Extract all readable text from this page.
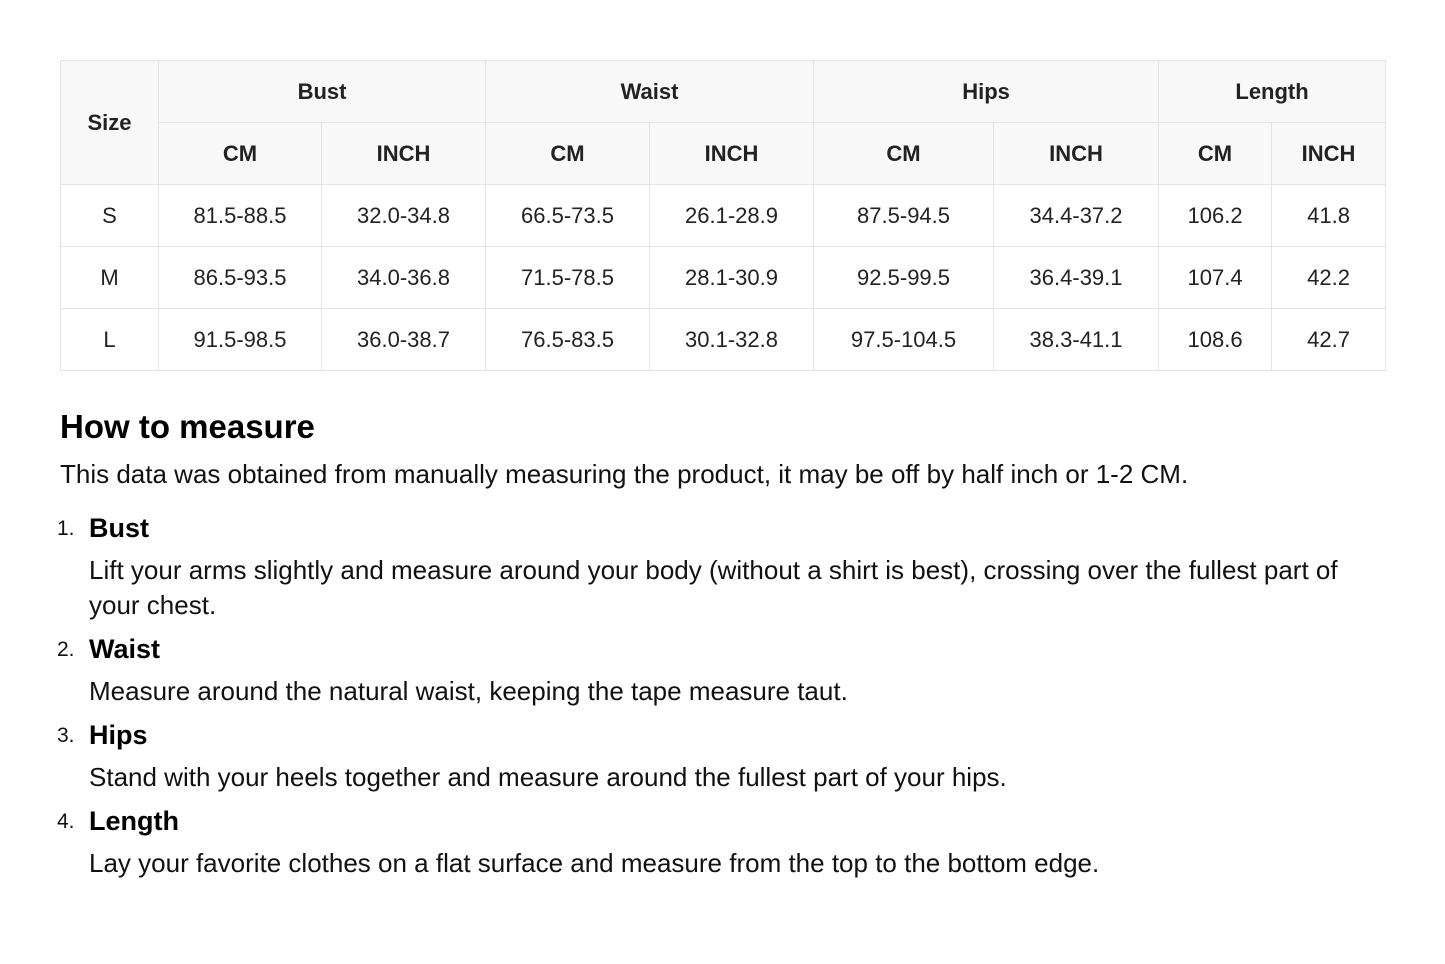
Size	Bust		Waist		Hips		Length	
	CM	INCH	CM	INCH	CM	INCH	CM	INCH
S	81.5-88.5	32.0-34.8	66.5-73.5	26.1-28.9	87.5-94.5	34.4-37.2	106.2	41.8
M	86.5-93.5	34.0-36.8	71.5-78.5	28.1-30.9	92.5-99.5	36.4-39.1	107.4	42.2
L	91.5-98.5	36.0-38.7	76.5-83.5	30.1-32.8	97.5-104.5	38.3-41.1	108.6	42.7
How to measure

This data was obtained from manually measuring the product, it may be off by half inch or 1-2 CM.

1. Bust
Lift your arms slightly and measure around your body (without a shirt is best), crossing over the fullest part of your chest.
2. Waist
Measure around the natural waist, keeping the tape measure taut.
3. Hips
Stand with your heels together and measure around the fullest part of your hips.
4. Length
Lay your favorite clothes on a flat surface and measure from the top to the bottom edge.
